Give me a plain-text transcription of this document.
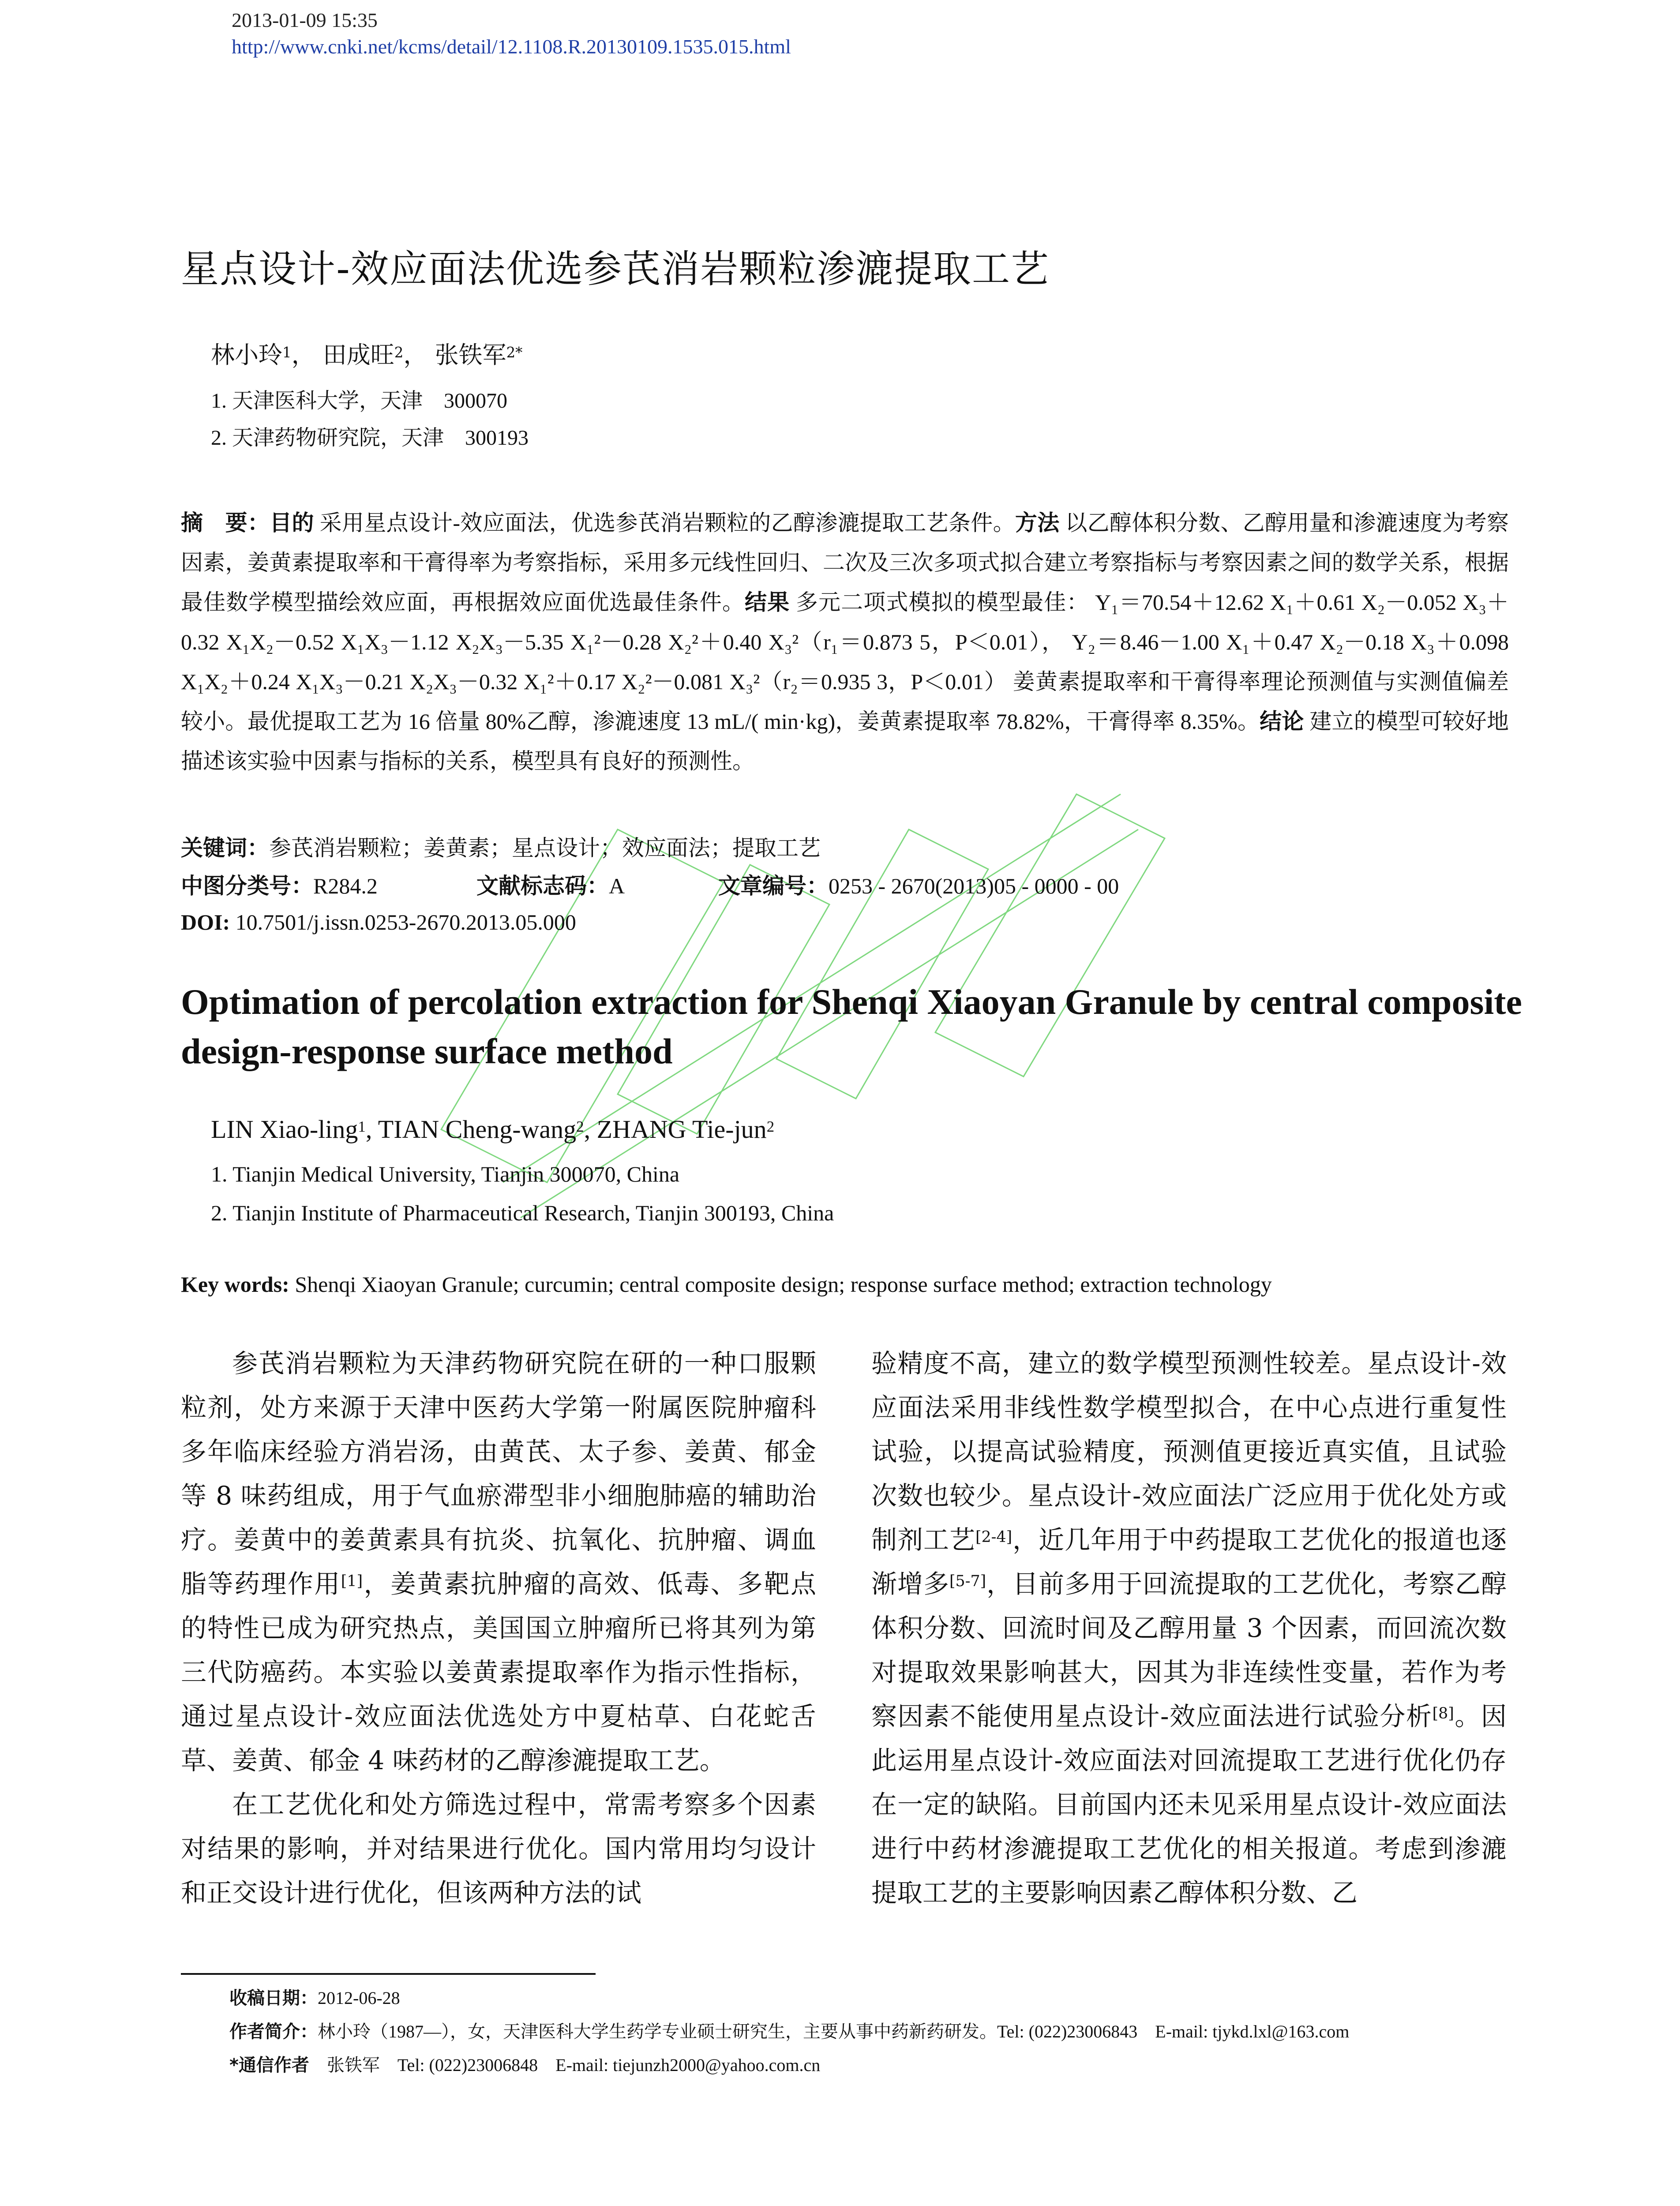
2013-01-09 15:35
http://www.cnki.net/kcms/detail/12.1108.R.20130109.1535.015.html
星点设计-效应面法优选参芪消岩颗粒渗漉提取工艺
林小玲$^1$， 田成旺$^2$， 张铁军$^{2*}$
1. 天津医科大学，天津　300070
2. 天津药物研究院，天津　300193
摘　要：目的 采用星点设计-效应面法，优选参芪消岩颗粒的乙醇渗漉提取工艺条件。方法 以乙醇体积分数、乙醇用量和渗漉速度为考察因素，姜黄素提取率和干膏得率为考察指标，采用多元线性回归、二次及三次多项式拟合建立考察指标与考察因素之间的数学关系，根据最佳数学模型描绘效应面，再根据效应面优选最佳条件。结果 多元二项式模拟的模型最佳： Y₁＝70.54＋12.62 X₁＋0.61 X₂－0.052 X₃＋0.32 X₁X₂－0.52 X₁X₃－1.12 X₂X₃－5.35 X₁²－0.28 X₂²＋0.40 X₃²（r₁＝0.873 5，P＜0.01）， Y₂＝8.46－1.00 X₁＋0.47 X₂－0.18 X₃＋0.098 X₁X₂＋0.24 X₁X₃－0.21 X₂X₃－0.32 X₁²＋0.17 X₂²－0.081 X₃²（r₂＝0.935 3，P＜0.01） 姜黄素提取率和干膏得率理论预测值与实测值偏差较小。最优提取工艺为 16 倍量 80%乙醇，渗漉速度 13 mL/( min·kg)，姜黄素提取率 78.82%，干膏得率 8.35%。结论 建立的模型可较好地描述该实验中因素与指标的关系，模型具有良好的预测性。
关键词：参芪消岩颗粒；姜黄素；星点设计；效应面法；提取工艺
中图分类号：R284.2	文献标志码：A	文章编号：0253 - 2670(2013)05 - 0000 - 00
DOI: 10.7501/j.issn.0253-2670.2013.05.000
Optimation of percolation extraction for Shenqi Xiaoyan Granule by central composite design-response surface method
LIN Xiao-ling$^1$, TIAN Cheng-wang$^2$, ZHANG Tie-jun$^2$
1. Tianjin Medical University, Tianjin 300070, China
2. Tianjin Institute of Pharmaceutical Research, Tianjin 300193, China
Key words: Shenqi Xiaoyan Granule; curcumin; central composite design; response surface method; extraction technology

参芪消岩颗粒为天津药物研究院在研的一种口服颗粒剂，处方来源于天津中医药大学第一附属医院肿瘤科多年临床经验方消岩汤，由黄芪、太子参、姜黄、郁金等 8 味药组成，用于气血瘀滞型非小细胞肺癌的辅助治疗。姜黄中的姜黄素具有抗炎、抗氧化、抗肿瘤、调血脂等药理作用[1]，姜黄素抗肿瘤的高效、低毒、多靶点的特性已成为研究热点，美国国立肿瘤所已将其列为第三代防癌药。本实验以姜黄素提取率作为指示性指标，通过星点设计-效应面法优选处方中夏枯草、白花蛇舌草、姜黄、郁金 4 味药材的乙醇渗漉提取工艺。

在工艺优化和处方筛选过程中，常需考察多个因素对结果的影响，并对结果进行优化。国内常用均匀设计和正交设计进行优化，但该两种方法的试

验精度不高，建立的数学模型预测性较差。星点设计-效应面法采用非线性数学模型拟合，在中心点进行重复性试验，以提高试验精度，预测值更接近真实值，且试验次数也较少。星点设计-效应面法广泛应用于优化处方或制剂工艺[2-4]，近几年用于中药提取工艺优化的报道也逐渐增多[5-7]，目前多用于回流提取的工艺优化，考察乙醇体积分数、回流时间及乙醇用量 3 个因素，而回流次数对提取效果影响甚大，因其为非连续性变量，若作为考察因素不能使用星点设计-效应面法进行试验分析[8]。因此运用星点设计-效应面法对回流提取工艺进行优化仍存在一定的缺陷。目前国内还未见采用星点设计-效应面法进行中药材渗漉提取工艺优化的相关报道。考虑到渗漉提取工艺的主要影响因素乙醇体积分数、乙

收稿日期：2012-06-28
作者简介：林小玲（1987—），女，天津医科大学生药学专业硕士研究生，主要从事中药新药研发。Tel: (022)23006843　E-mail: tjykd.lxl@163.com
*通信作者　 张铁军　Tel: (022)23006848　E-mail: tiejunzh2000@yahoo.com.cn
